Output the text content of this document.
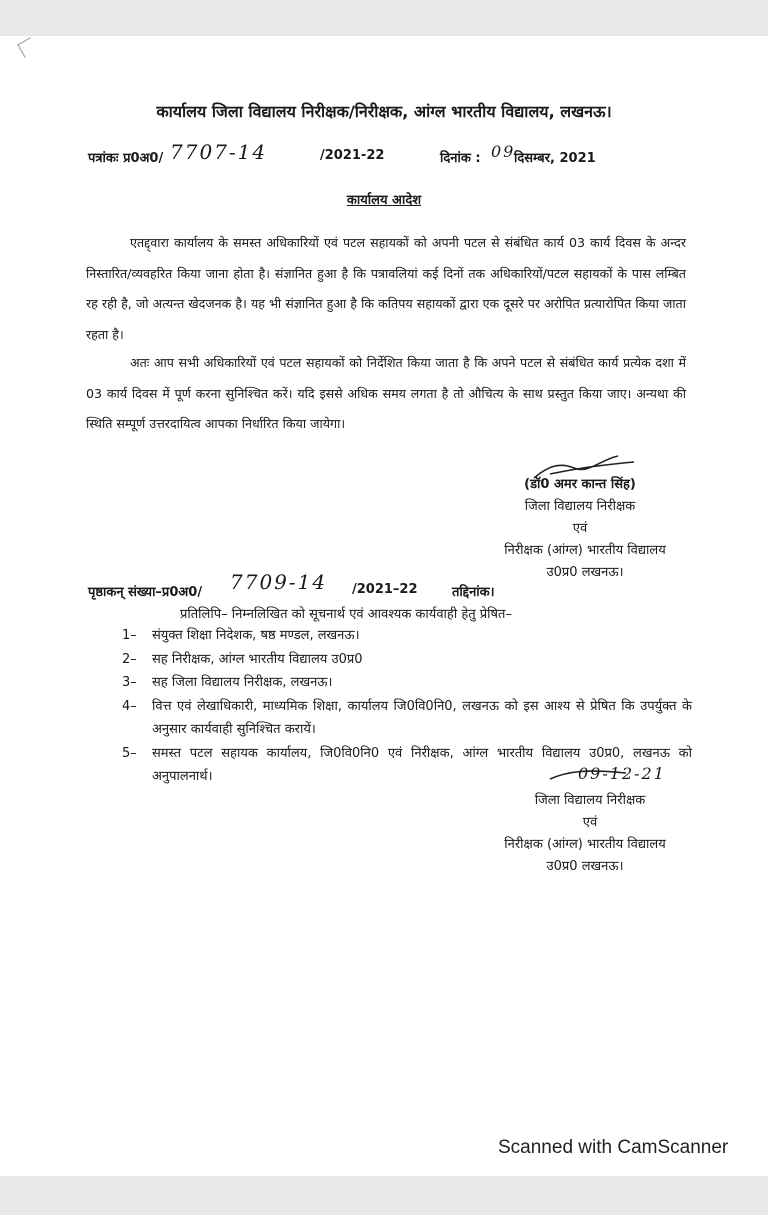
कार्यालय जिला विद्यालय निरीक्षक/निरीक्षक, आंग्ल भारतीय विद्यालय, लखनऊ।
पत्रांकः प्र0अ0/ 7707-14	/2021-22	दिनांक : 09
दिसम्बर, 2021
कार्यालय आदेश
एतद्द्वारा कार्यालय के समस्त अधिकारियों एवं पटल सहायकों को अपनी पटल से संबंधित कार्य 03 कार्य दिवस के अन्दर निस्तारित/व्यवहरित किया जाना होता है। संज्ञानित हुआ है कि पत्रावलियां कई दिनों तक अधिकारियों/पटल सहायकों के पास लम्बित रह रही है, जो अत्यन्त खेदजनक है। यह भी संज्ञानित हुआ है कि कतिपय सहायकों द्वारा एक दूसरे पर अरोपित प्रत्यारोपित किया जाता रहता है।
अतः आप सभी अधिकारियों एवं पटल सहायकों को निर्देशित किया जाता है कि अपने पटल से संबंधित कार्य प्रत्येक दशा में 03 कार्य दिवस में पूर्ण करना सुनिश्चित करें। यदि इससे अधिक समय लगता है तो औचित्य के साथ प्रस्तुत किया जाए। अन्यथा की स्थिति सम्पूर्ण उत्तरदायित्व आपका निर्धारित किया जायेगा।
(डॉ0 अमर कान्त सिंह)
जिला विद्यालय निरीक्षक
एवं
निरीक्षक (आंग्ल) भारतीय विद्यालय
उ0प्र0 लखनऊ।
पृष्ठाकन् संख्या–प्र0अ0/ 7709-14 /2021–22	तद्दिनांक।
प्रतिलिपि– निम्नलिखित को सूचनार्थ एवं आवश्यक कार्यवाही हेतु प्रेषित–
1–	संयुक्त शिक्षा निदेशक, षष्ठ मण्डल, लखनऊ।
2–	सह निरीक्षक, आंग्ल भारतीय विद्यालय उ0प्र0
3–	सह जिला विद्यालय निरीक्षक, लखनऊ।
4–	वित्त एवं लेखाधिकारी, माध्यमिक शिक्षा, कार्यालय जि0वि0नि0, लखनऊ को इस आश्य से प्रेषित कि उपर्युक्त के अनुसार कार्यवाही सुनिश्चित करायें।
5–	समस्त पटल सहायक कार्यालय, जि0वि0नि0 एवं निरीक्षक, आंग्ल भारतीय विद्यालय उ0प्र0, लखनऊ को अनुपालनार्थ।	09-12-21
जिला विद्यालय निरीक्षक
एवं
निरीक्षक (आंग्ल) भारतीय विद्यालय
उ0प्र0 लखनऊ।
Scanned with CamScanner
